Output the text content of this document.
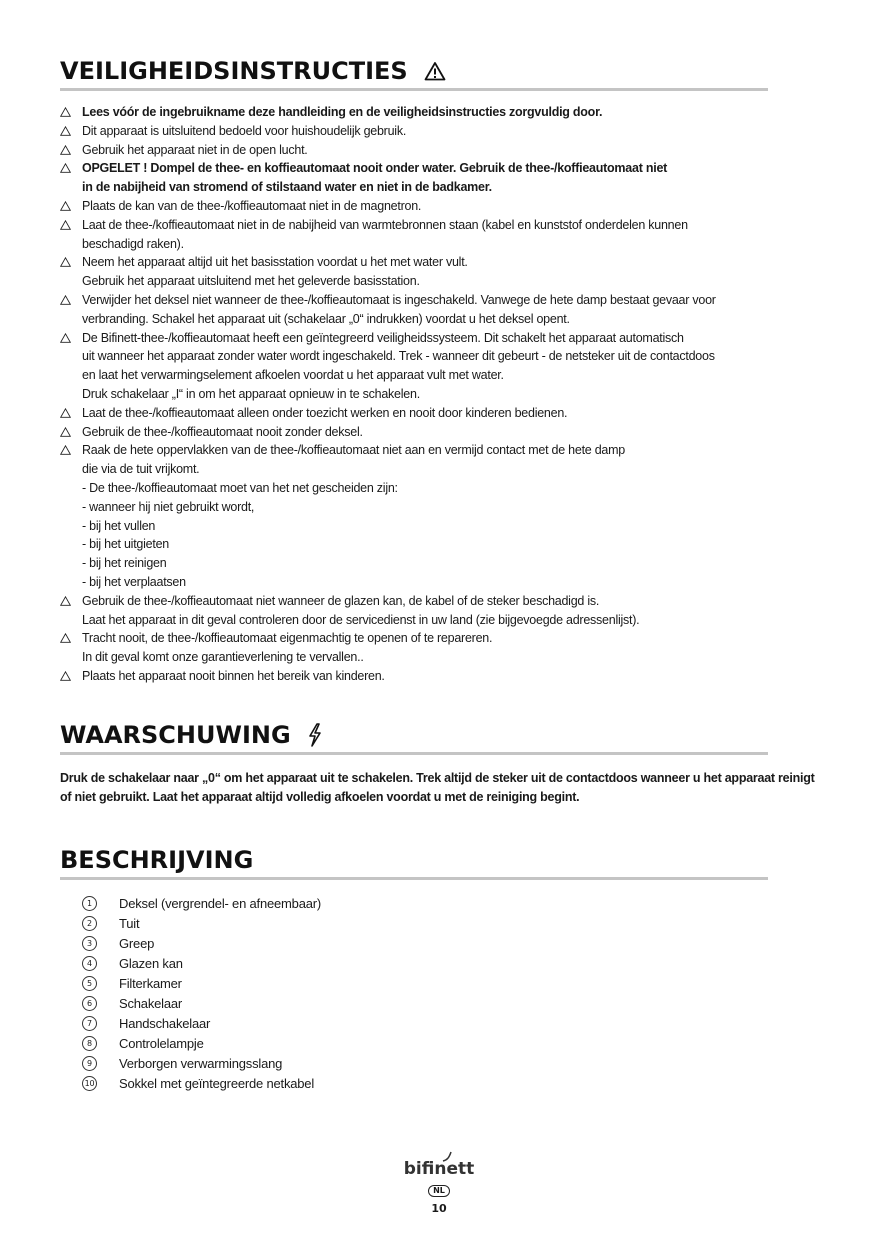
VEILIGHEIDSINSTRUCTIES
Lees vóór de ingebruikname deze handleiding en de veiligheidsinstructies zorgvuldig door.
Dit apparaat is uitsluitend bedoeld voor huishoudelijk gebruik.
Gebruik het apparaat niet in de open lucht.
OPGELET ! Dompel de thee- en koffieautomaat nooit onder water. Gebruik de thee-/koffieautomaat niet
in de nabijheid van stromend of stilstaand water en niet in de badkamer.
Plaats de kan van de thee-/koffieautomaat niet in de magnetron.
Laat de thee-/koffieautomaat niet in de nabijheid van warmtebronnen staan (kabel en kunststof onderdelen kunnen
beschadigd raken).
Neem het apparaat altijd uit het basisstation voordat u het met water vult.
Gebruik het apparaat uitsluitend met het geleverde basisstation.
Verwijder het deksel niet wanneer de thee-/koffieautomaat is ingeschakeld. Vanwege de hete damp bestaat gevaar voor
verbranding. Schakel het apparaat uit (schakelaar „0“ indrukken) voordat u het deksel opent.
De Bifinett-thee-/koffieautomaat heeft een geïntegreerd veiligheidssysteem. Dit schakelt het apparaat automatisch
uit wanneer het apparaat zonder water wordt ingeschakeld. Trek - wanneer dit gebeurt - de netsteker uit de contactdoos
en laat het verwarmingselement afkoelen voordat u het apparaat vult met water.
Druk schakelaar „I“ in om het apparaat opnieuw in te schakelen.
Laat de thee-/koffieautomaat alleen onder toezicht werken en nooit door kinderen bedienen.
Gebruik de thee-/koffieautomaat nooit zonder deksel.
Raak de hete oppervlakken van de thee-/koffieautomaat niet aan en vermijd contact met de hete damp
die via de tuit vrijkomt.
- De thee-/koffieautomaat moet van het net gescheiden zijn:
- wanneer hij niet gebruikt wordt,
- bij het vullen
- bij het uitgieten
- bij het reinigen
- bij het verplaatsen
Gebruik de thee-/koffieautomaat niet wanneer de glazen kan, de kabel of de steker beschadigd is.
Laat het apparaat in dit geval controleren door de servicedienst in uw land (zie bijgevoegde adressenlijst).
Tracht nooit, de thee-/koffieautomaat eigenmachtig te openen of te repareren.
In dit geval komt onze garantieverlening te vervallen..
Plaats het apparaat nooit binnen het bereik van kinderen.
WAARSCHUWING

Druk de schakelaar naar „0“ om het apparaat uit te schakelen. Trek altijd de steker uit de contactdoos wanneer u het apparaat reinigt of niet gebruikt. Laat het apparaat altijd volledig afkoelen voordat u met de reiniging begint.

BESCHRIJVING
1	Deksel (vergrendel- en afneembaar)
2	Tuit
3	Greep
4	Glazen kan
5	Filterkamer
6	Schakelaar
7	Handschakelaar
8	Controlelampje
9	Verborgen verwarmingsslang
10 Sokkel met geïntegreerde netkabel
bifinett
NL
10
